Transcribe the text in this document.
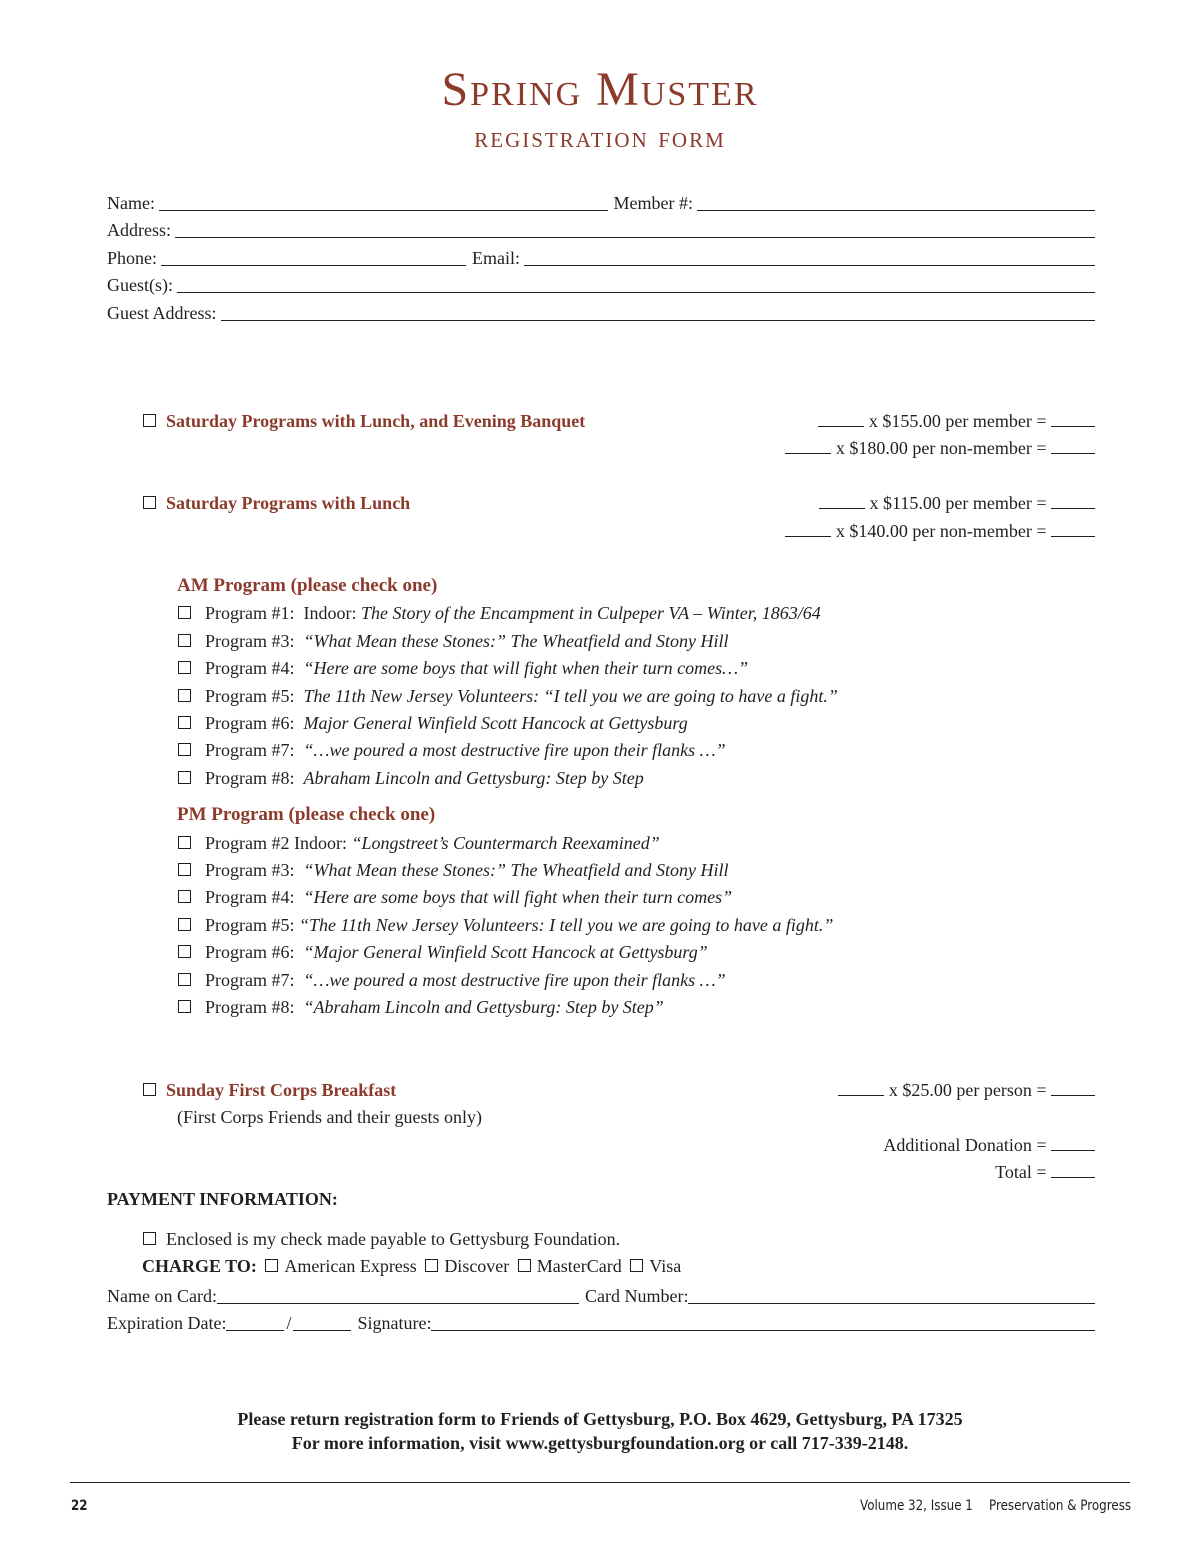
Spring Muster
registration form
Name:	Member #:
Address:
Phone:	Email:
Guest(s):
Guest Address:
Saturday Programs with Lunch, and Evening Banquet	x $155.00 per member =
x $180.00 per non-member =
Saturday Programs with Lunch	x $115.00 per member =
x $140.00 per non-member =
AM Program (please check one)
Program #1: Indoor: The Story of the Encampment in Culpeper VA – Winter, 1863/64
Program #3: “What Mean these Stones:” The Wheatfield and Stony Hill
Program #4: “Here are some boys that will fight when their turn comes…”
Program #5: The 11th New Jersey Volunteers: “I tell you we are going to have a fight.”
Program #6: Major General Winfield Scott Hancock at Gettysburg
Program #7: “…we poured a most destructive fire upon their flanks …”
Program #8: Abraham Lincoln and Gettysburg: Step by Step
PM Program (please check one)
Program #2 Indoor: “Longstreet’s Countermarch Reexamined”
Program #3: “What Mean these Stones:” The Wheatfield and Stony Hill
Program #4: “Here are some boys that will fight when their turn comes”
Program #5: “The 11th New Jersey Volunteers: I tell you we are going to have a fight.”
Program #6: “Major General Winfield Scott Hancock at Gettysburg”
Program #7: “…we poured a most destructive fire upon their flanks …”
Program #8: “Abraham Lincoln and Gettysburg: Step by Step”
Sunday First Corps Breakfast
(First Corps Friends and their guests only)
x $25.00 per person =
Additional Donation =
Total =
PAYMENT INFORMATION:
Enclosed is my check made payable to Gettysburg Foundation.
CHARGE TO: American Express Discover MasterCard Visa
Name on Card:	Card Number:
Expiration Date:	/	Signature:
Please return registration form to Friends of Gettysburg, P.O. Box 4629, Gettysburg, PA 17325
For more information, visit www.gettysburgfoundation.org or call 717-339-2148.
22	Volume 32, Issue 1 Preservation & Progress
